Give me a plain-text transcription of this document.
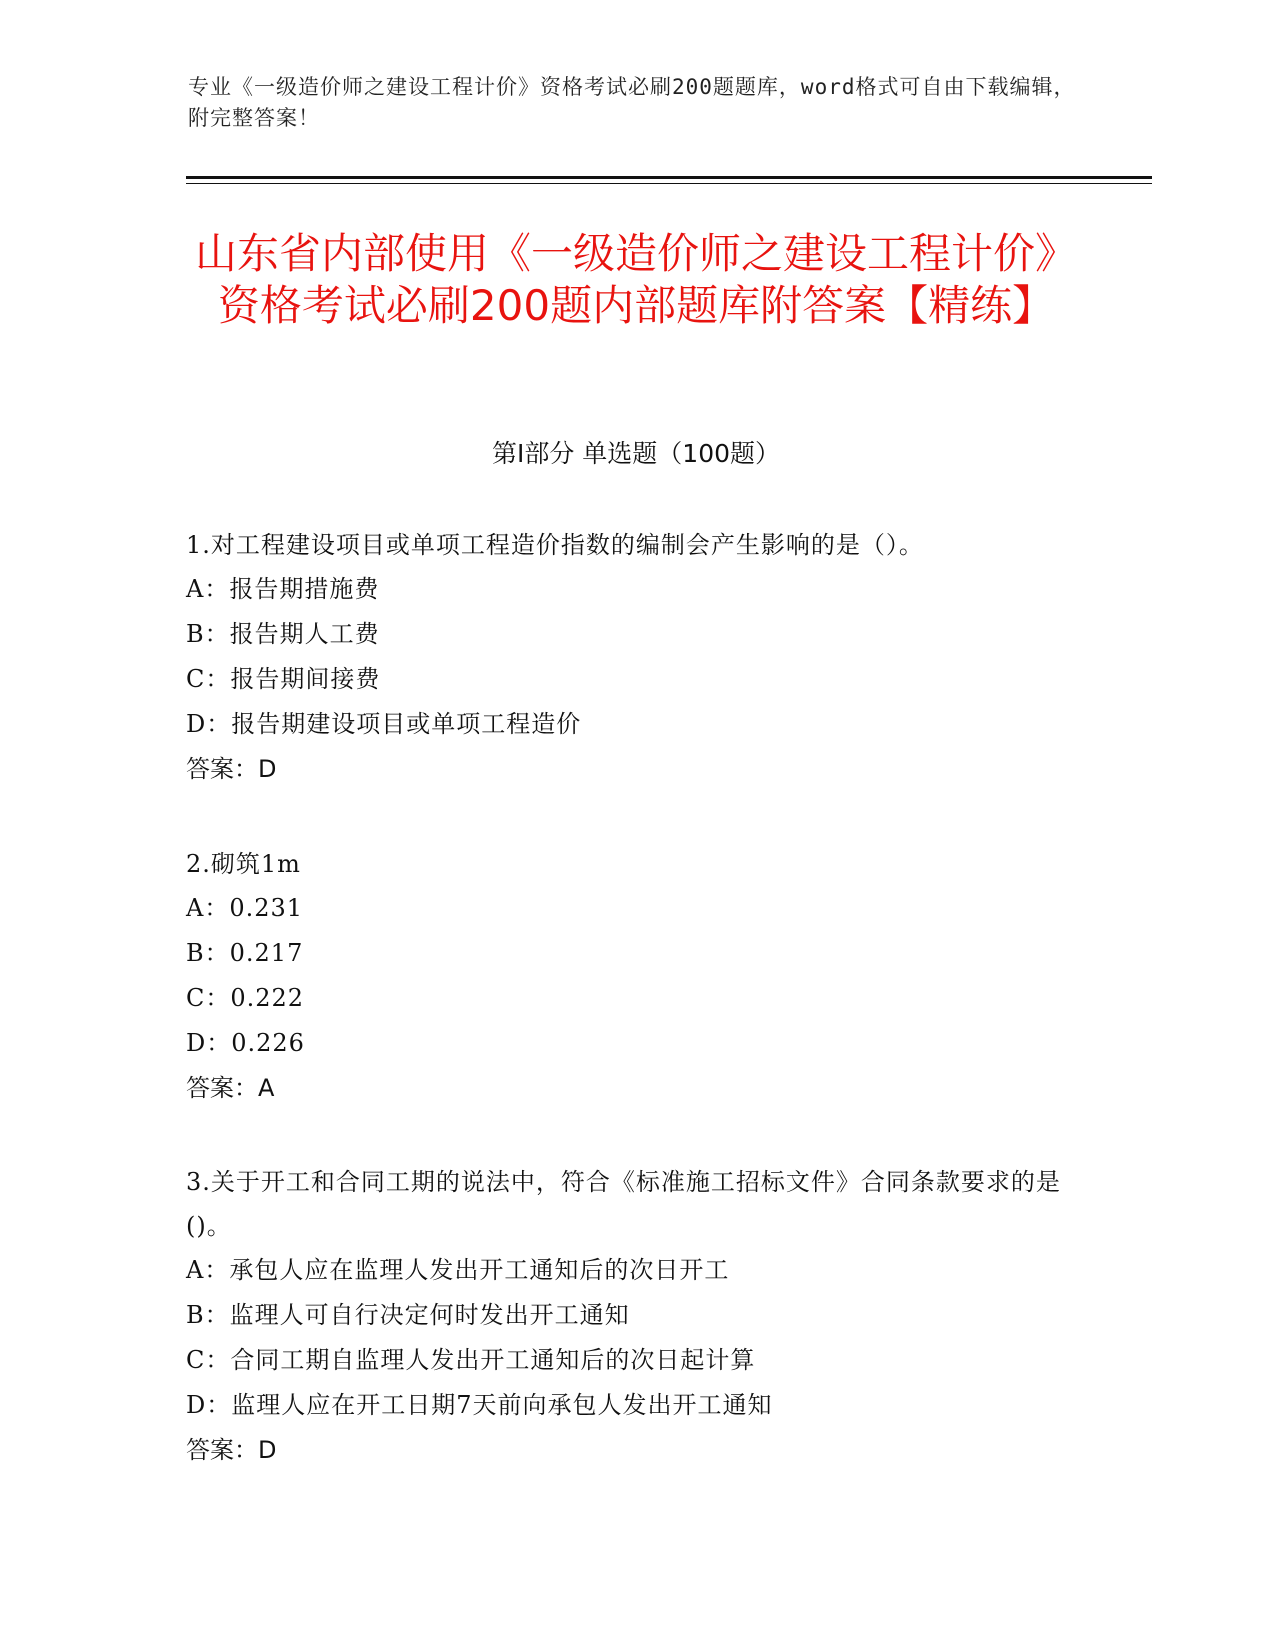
专业《一级造价师之建设工程计价》资格考试必刷200题题库，word格式可自由下载编辑，附完整答案！
山东省内部使用《一级造价师之建设工程计价》资格考试必刷200题内部题库附答案【精练】
第Ⅰ部分 单选题（100题）

1.对工程建设项目或单项工程造价指数的编制会产生影响的是（）。

A：报告期措施费

B：报告期人工费

C：报告期间接费

D：报告期建设项目或单项工程造价

答案：D

2.砌筑1m

A：0.231

B：0.217

C：0.222

D：0.226

答案：A

3.关于开工和合同工期的说法中，符合《标准施工招标文件》合同条款要求的是()。

A：承包人应在监理人发出开工通知后的次日开工

B：监理人可自行决定何时发出开工通知

C：合同工期自监理人发出开工通知后的次日起计算

D：监理人应在开工日期7天前向承包人发出开工通知

答案：D
